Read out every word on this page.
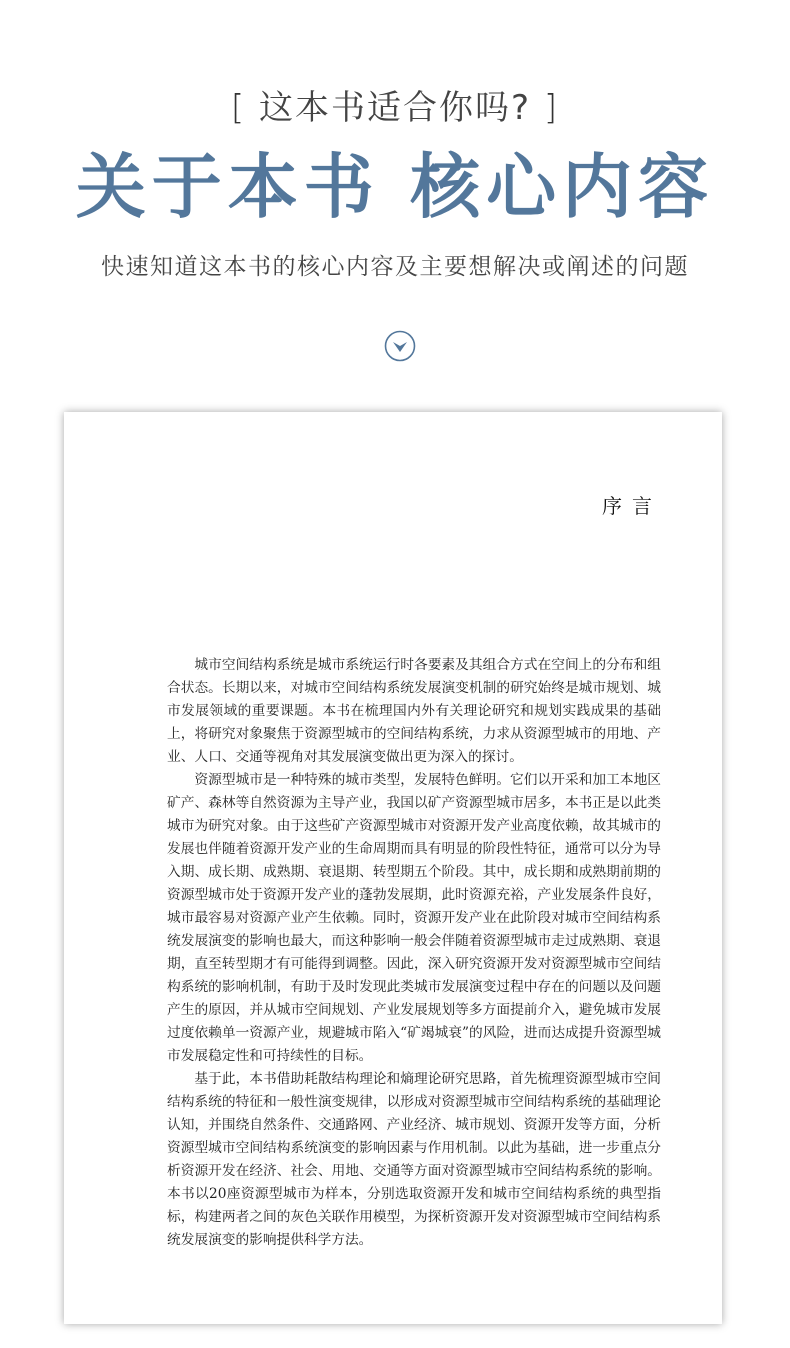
[ 这本书适合你吗? ]
关于本书 核心内容
快速知道这本书的核心内容及主要想解决或阐述的问题
序言

城市空间结构系统是城市系统运行时各要素及其组合方式在空间上的分布和组合状态。长期以来，对城市空间结构系统发展演变机制的研究始终是城市规划、城市发展领域的重要课题。本书在梳理国内外有关理论研究和规划实践成果的基础上，将研究对象聚焦于资源型城市的空间结构系统，力求从资源型城市的用地、产业、人口、交通等视角对其发展演变做出更为深入的探讨。

资源型城市是一种特殊的城市类型，发展特色鲜明。它们以开采和加工本地区矿产、森林等自然资源为主导产业，我国以矿产资源型城市居多，本书正是以此类城市为研究对象。由于这些矿产资源型城市对资源开发产业高度依赖，故其城市的发展也伴随着资源开发产业的生命周期而具有明显的阶段性特征，通常可以分为导入期、成长期、成熟期、衰退期、转型期五个阶段。其中，成长期和成熟期前期的资源型城市处于资源开发产业的蓬勃发展期，此时资源充裕，产业发展条件良好，城市最容易对资源产业产生依赖。同时，资源开发产业在此阶段对城市空间结构系统发展演变的影响也最大，而这种影响一般会伴随着资源型城市走过成熟期、衰退期，直至转型期才有可能得到调整。因此，深入研究资源开发对资源型城市空间结构系统的影响机制，有助于及时发现此类城市发展演变过程中存在的问题以及问题产生的原因，并从城市空间规划、产业发展规划等多方面提前介入，避免城市发展过度依赖单一资源产业，规避城市陷入“矿竭城衰”的风险，进而达成提升资源型城市发展稳定性和可持续性的目标。

基于此，本书借助耗散结构理论和熵理论研究思路，首先梳理资源型城市空间结构系统的特征和一般性演变规律，以形成对资源型城市空间结构系统的基础理论认知，并围绕自然条件、交通路网、产业经济、城市规划、资源开发等方面，分析资源型城市空间结构系统演变的影响因素与作用机制。以此为基础，进一步重点分析资源开发在经济、社会、用地、交通等方面对资源型城市空间结构系统的影响。本书以20座资源型城市为样本，分别选取资源开发和城市空间结构系统的典型指标，构建两者之间的灰色关联作用模型，为探析资源开发对资源型城市空间结构系统发展演变的影响提供科学方法。
